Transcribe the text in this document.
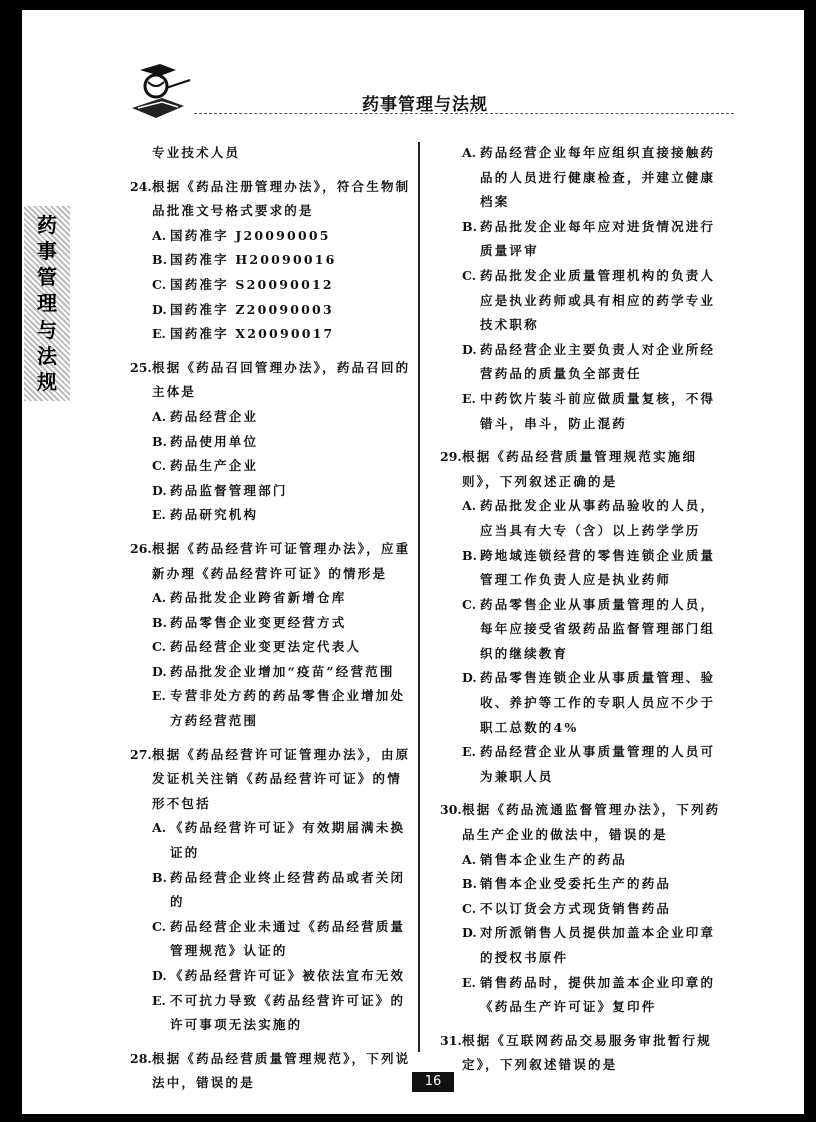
药事管理与法规
药
事
管
理
与
法
规
专业技术人员
24.根据《药品注册管理办法》，符合生物制品批准文号格式要求的是
A. 国药准字 J20090005
B. 国药准字 H20090016
C. 国药准字 S20090012
D. 国药准字 Z20090003
E. 国药准字 X20090017
25.根据《药品召回管理办法》，药品召回的主体是
A. 药品经营企业
B. 药品使用单位
C. 药品生产企业
D. 药品监督管理部门
E. 药品研究机构
26.根据《药品经营许可证管理办法》，应重新办理《药品经营许可证》的情形是
A. 药品批发企业跨省新增仓库
B. 药品零售企业变更经营方式
C. 药品经营企业变更法定代表人
D. 药品批发企业增加“疫苗”经营范围
E. 专营非处方药的药品零售企业增加处方药经营范围
27.根据《药品经营许可证管理办法》，由原发证机关注销《药品经营许可证》的情形不包括
A. 《药品经营许可证》有效期届满未换证的
B. 药品经营企业终止经营药品或者关闭的
C. 药品经营企业未通过《药品经营质量管理规范》认证的
D. 《药品经营许可证》被依法宣布无效
E. 不可抗力导致《药品经营许可证》的许可事项无法实施的
28.根据《药品经营质量管理规范》，下列说法中，错误的是
A. 药品经营企业每年应组织直接接触药品的人员进行健康检查，并建立健康档案
B. 药品批发企业每年应对进货情况进行质量评审
C. 药品批发企业质量管理机构的负责人应是执业药师或具有相应的药学专业技术职称
D. 药品经营企业主要负责人对企业所经营药品的质量负全部责任
E. 中药饮片装斗前应做质量复核，不得错斗，串斗，防止混药
29.根据《药品经营质量管理规范实施细则》，下列叙述正确的是
A. 药品批发企业从事药品验收的人员，应当具有大专（含）以上药学学历
B. 跨地域连锁经营的零售连锁企业质量管理工作负责人应是执业药师
C. 药品零售企业从事质量管理的人员，每年应接受省级药品监督管理部门组织的继续教育
D. 药品零售连锁企业从事质量管理、验收、养护等工作的专职人员应不少于职工总数的4%
E. 药品经营企业从事质量管理的人员可为兼职人员
30.根据《药品流通监督管理办法》，下列药品生产企业的做法中，错误的是
A. 销售本企业生产的药品
B. 销售本企业受委托生产的药品
C. 不以订货会方式现货销售药品
D. 对所派销售人员提供加盖本企业印章的授权书原件
E. 销售药品时，提供加盖本企业印章的《药品生产许可证》复印件
31.根据《互联网药品交易服务审批暂行规定》，下列叙述错误的是
16
